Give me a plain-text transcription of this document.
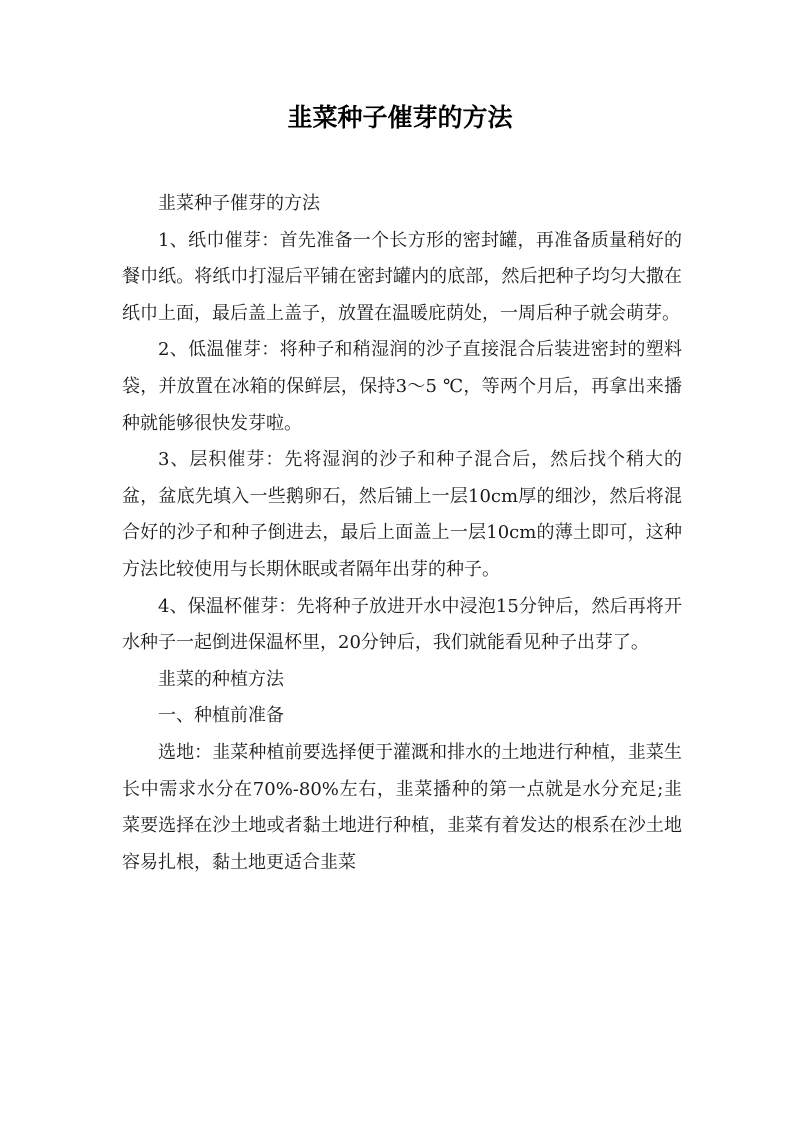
韭菜种子催芽的方法

韭菜种子催芽的方法

1、纸巾催芽：首先准备一个长方形的密封罐，再准备质量稍好的餐巾纸。将纸巾打湿后平铺在密封罐内的底部，然后把种子均匀大撒在纸巾上面，最后盖上盖子，放置在温暖庇荫处，一周后种子就会萌芽。

2、低温催芽：将种子和稍湿润的沙子直接混合后装进密封的塑料袋，并放置在冰箱的保鲜层，保持3～5 ℃，等两个月后，再拿出来播种就能够很快发芽啦。

3、层积催芽：先将湿润的沙子和种子混合后，然后找个稍大的盆，盆底先填入一些鹅卵石，然后铺上一层10cm厚的细沙，然后将混合好的沙子和种子倒进去，最后上面盖上一层10cm的薄土即可，这种方法比较使用与长期休眠或者隔年出芽的种子。

4、保温杯催芽：先将种子放进开水中浸泡15分钟后，然后再将开水种子一起倒进保温杯里，20分钟后，我们就能看见种子出芽了。

韭菜的种植方法

一、种植前准备

选地：韭菜种植前要选择便于灌溉和排水的土地进行种植，韭菜生长中需求水分在70%-80%左右，韭菜播种的第一点就是水分充足;韭菜要选择在沙土地或者黏土地进行种植，韭菜有着发达的根系在沙土地容易扎根，黏土地更适合韭菜
